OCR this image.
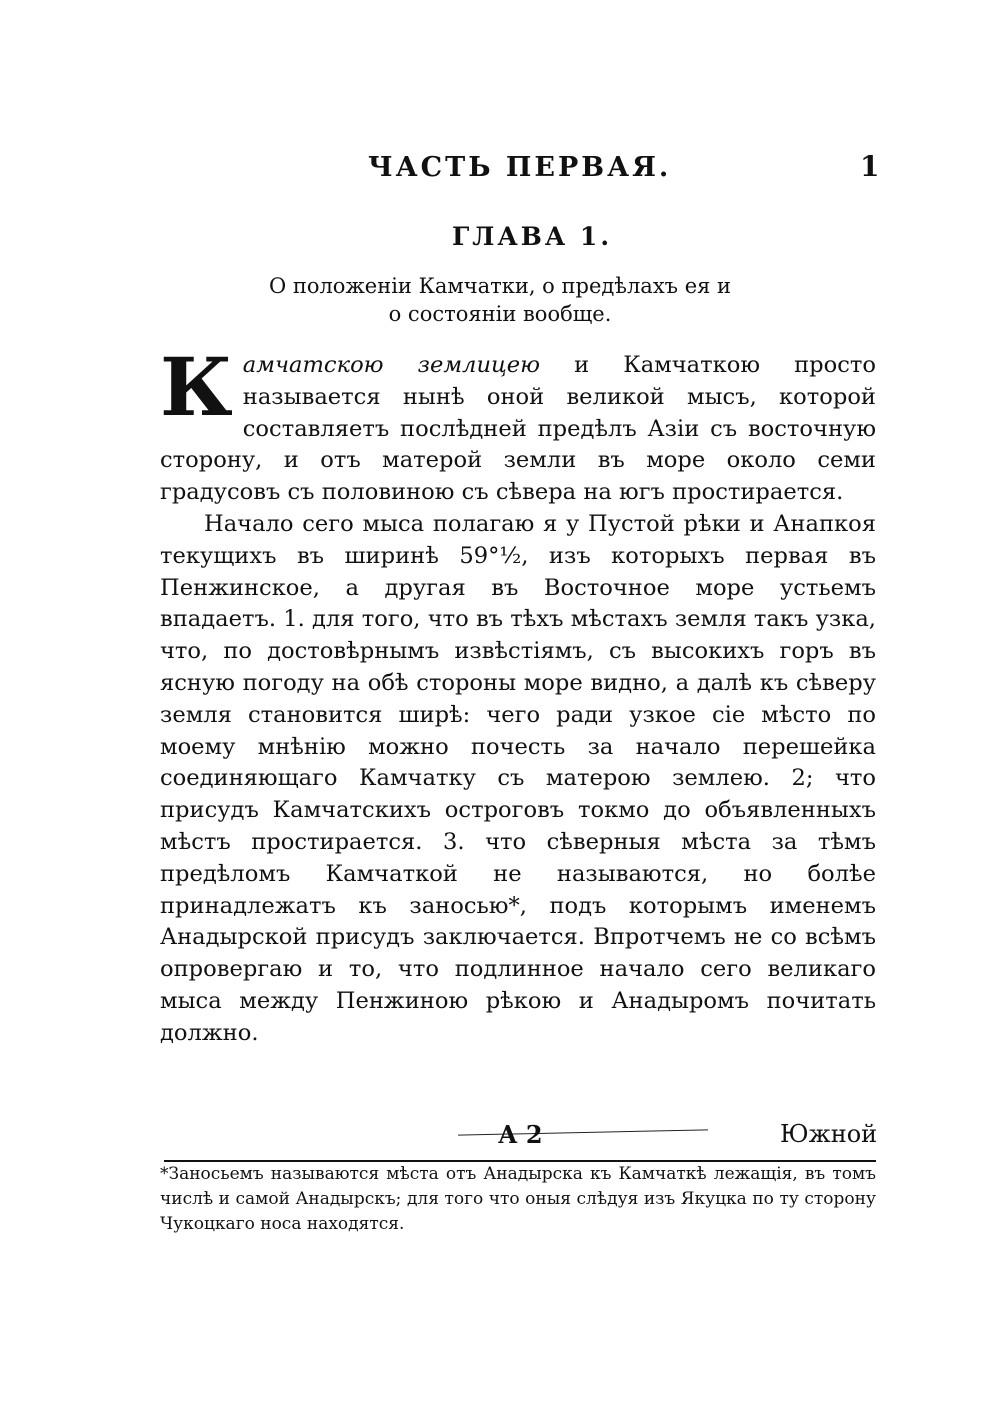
ЧАСТЬ ПЕРВАЯ.	1
ГЛАВА 1.
О положеніи Камчатки, о предѣлахъ ея и
о состояніи вообще.

Камчатскою землицею и Камчаткою просто называется нынѣ оной великой мысъ, которой составляетъ послѣдней предѣлъ Азіи съ восточную сторону, и отъ матерой земли въ море около семи градусовъ съ половиною съ сѣвера на югъ простирается.

Начало сего мыса полагаю я у Пустой рѣки и Анапкоя текущихъ въ ширинѣ 59°½, изъ которыхъ первая въ Пенжинское, а другая въ Восточное море устьемъ впадаетъ. 1. для того, что въ тѣхъ мѣстахъ земля такъ узка, что, по достовѣрнымъ извѣстіямъ, съ высокихъ горъ въ ясную погоду на обѣ стороны море видно, а далѣ къ сѣверу земля становится ширѣ: чего ради узкое сіе мѣсто по моему мнѣнію можно почесть за начало перешейка соединяющаго Камчатку съ матерою землею. 2; что присудъ Камчатскихъ остроговъ токмо до объявленныхъ мѣстъ простирается. 3. что сѣверныя мѣста за тѣмъ предѣломъ Камчаткой не называются, но болѣе принадлежатъ къ заносью*, подъ которымъ именемъ Анадырской присудъ заключается. Впротчемъ не со всѣмъ опровергаю и то, что подлинное начало сего великаго мыса между Пенжиною рѣкою и Анадыромъ почитать должно.

А 2	Южной
*Заносьемъ называются мѣста отъ Анадырска къ Камчаткѣ лежащія, въ томъ числѣ и самой Анадырскъ; для того что оныя слѣдуя изъ Якуцка по ту сторону Чукоцкаго носа находятся.
